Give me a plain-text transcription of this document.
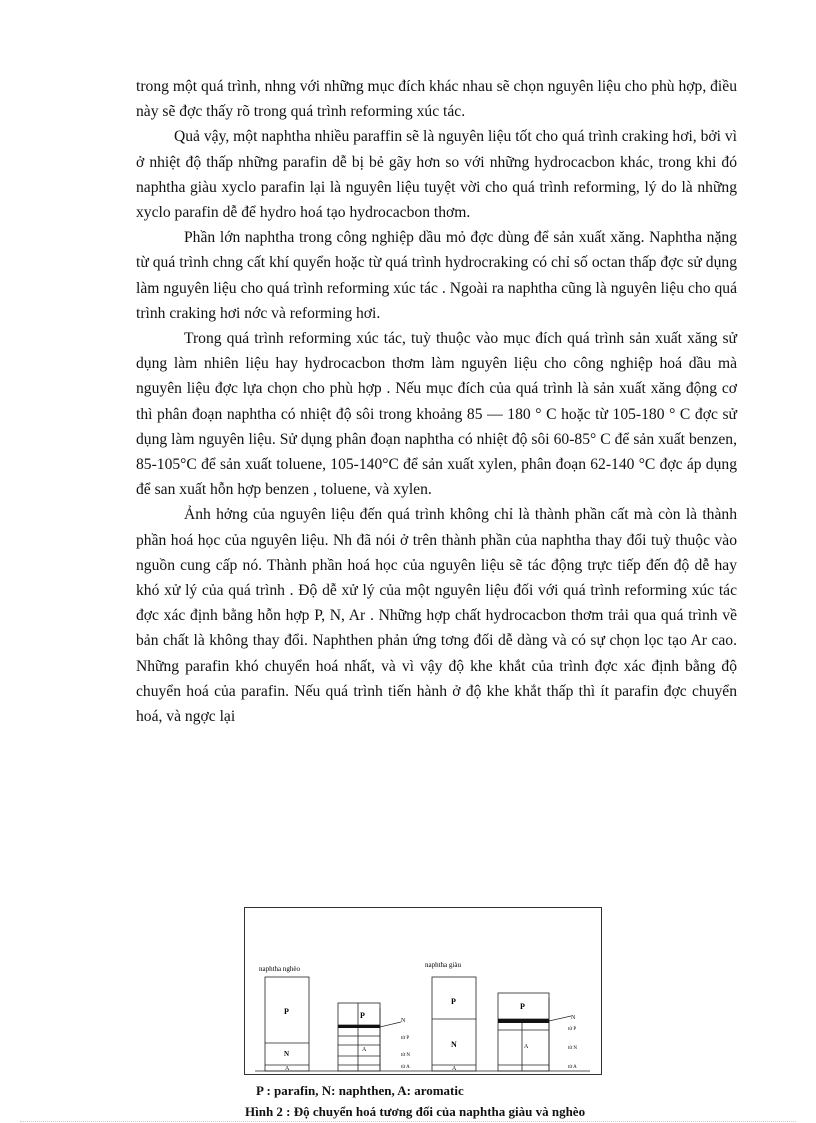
trong một quá trình, nhng với những mục đích khác nhau sẽ chọn nguyên liệu cho phù hợp, điều này sẽ đợc thấy rõ trong quá trình reforming xúc tác.

Quả vậy, một naphtha nhiều paraffin sẽ là nguyên liệu tốt cho quá trình craking hơi, bởi vì ở nhiệt độ thấp những parafin dễ bị bẻ gãy hơn so với những hydrocacbon khác, trong khi đó naphtha giàu xyclo parafin lại là nguyên liệu tuyệt vời cho quá trình reforming, lý do là những xyclo parafin dễ để hydro hoá tạo hydrocacbon thơm.

Phần lớn naphtha trong công nghiệp dầu mỏ đợc dùng để sản xuất xăng. Naphtha nặng từ quá trình chng cất khí quyển hoặc từ quá trình hydrocraking có chỉ số octan thấp đợc sử dụng làm nguyên liệu cho quá trình reforming xúc tác . Ngoài ra naphtha cũng là nguyên liệu cho quá trình craking hơi nớc và reforming hơi.

Trong quá trình reforming xúc tác, tuỳ thuộc vào mục đích quá trình sản xuất xăng sử dụng làm nhiên liệu hay hydrocacbon thơm làm nguyên liệu cho công nghiệp hoá dầu mà nguyên liệu đợc lựa chọn cho phù hợp . Nếu mục đích của quá trình là sản xuất xăng động cơ thì phân đoạn naphtha có nhiệt độ sôi trong khoảng 85 — 180 ° C hoặc từ 105-180 ° C đợc sử dụng làm nguyên liệu. Sử dụng phân đoạn naphtha có nhiệt độ sôi 60-85° C để sản xuất benzen, 85-105°C để sản xuất toluene, 105-140°C để sản xuất xylen, phân đoạn 62-140 °C đợc áp dụng để san xuất hỗn hợp benzen , toluene, và xylen.

Ảnh hởng của nguyên liệu đến quá trình không chỉ là thành phần cất mà còn là thành phần hoá học của nguyên liệu. Nh đã nói ở trên thành phần của naphtha thay đổi tuỳ thuộc vào nguồn cung cấp nó. Thành phần hoá học của nguyên liệu sẽ tác động trực tiếp đến độ dễ hay khó xử lý của quá trình . Độ dễ xử lý của một nguyên liệu đối với quá trình reforming xúc tác đợc xác định bằng hỗn hợp P, N, Ar . Những hợp chất hydrocacbon thơm trải qua quá trình về bản chất là không thay đổi. Naphthen phản ứng tơng đối dễ dàng và có sự chọn lọc tạo Ar cao. Những parafin khó chuyển hoá nhất, và vì vậy độ khe khắt của trình đợc xác định bằng độ chuyển hoá của parafin. Nếu quá trình tiến hành ở độ khe khắt thấp thì ít parafin đợc chuyển hoá, và ngợc lại

naphtha nghèo	naphtha giàu
P
N
A
P
A
N
từ P
từ N
từ A
P
N
A
P
A
N
từ P
từ N
từ A
P : parafin, N: naphthen, A: aromatic
Hình 2 : Độ chuyển hoá tương đối của naphtha giàu và nghèo
